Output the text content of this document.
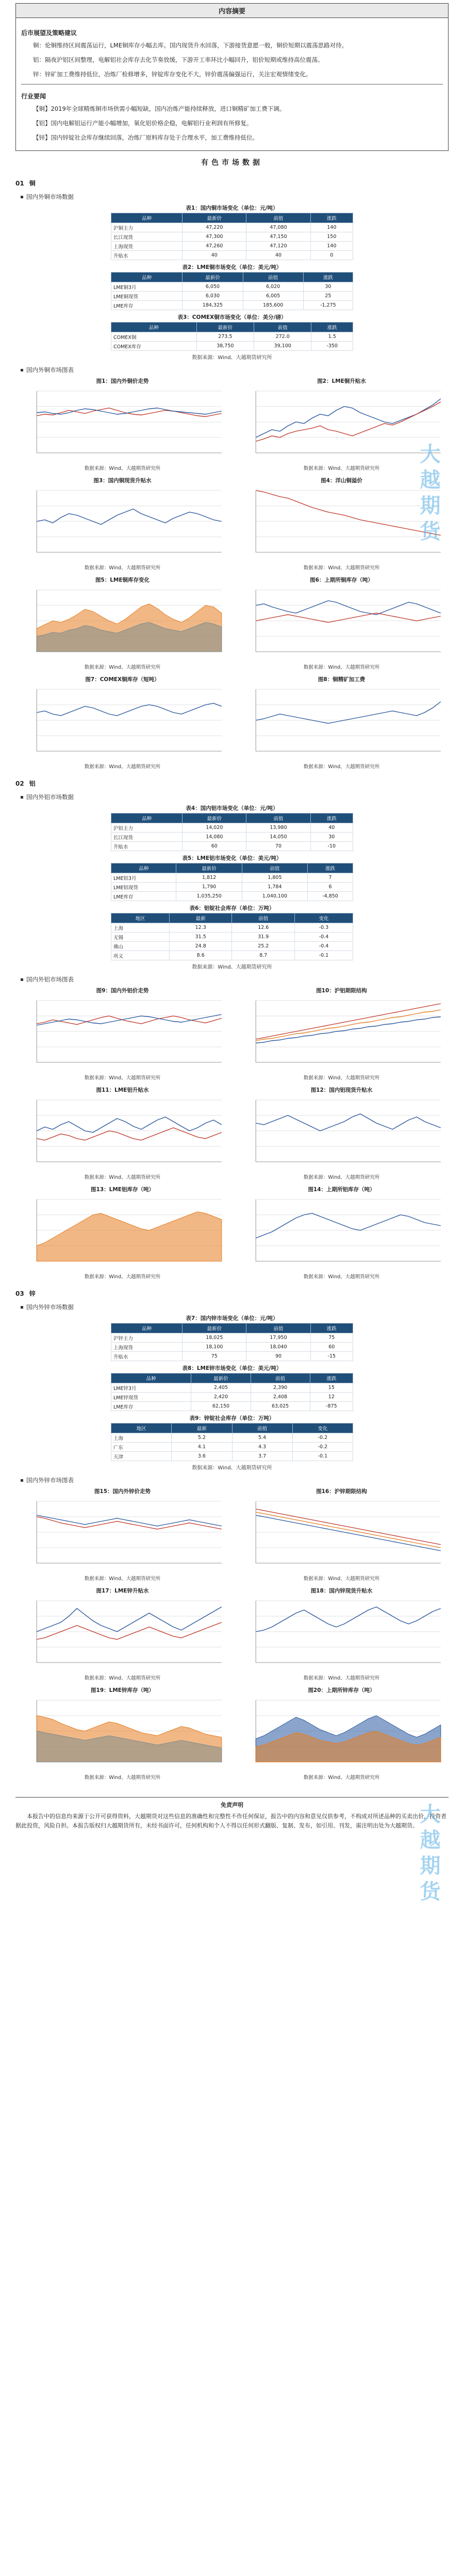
内容摘要
后市展望及策略建议

铜：伦铜维持区间震荡运行，LME铜库存小幅去库。国内现货升水回落，下游接货意愿一般，铜价短期以震荡思路对待。

铝：隔夜沪铝区间整理，电解铝社会库存去化节奏放缓，下游开工率环比小幅回升，铝价短期或维持高位震荡。

锌：锌矿加工费维持低位，冶炼厂检修增多，锌锭库存变化不大，锌价震荡偏强运行，关注宏观情绪变化。

行业要闻

【铜】2019年全球精炼铜市场供需小幅短缺，国内冶炼产能持续释放，进口铜精矿加工费下调。

【铝】国内电解铝运行产能小幅增加，氧化铝价格企稳，电解铝行业利润有所修复。

【锌】国内锌锭社会库存继续回落，冶炼厂原料库存处于合理水平，加工费维持低位。

有色市场数据
01 铜
国内外铜市场数据
表1：国内铜市场变化（单位：元/吨）
品种	最新价	前值	涨跌
沪铜主力	47,220	47,080	140
长江现货	47,300	47,150	150
上海现货	47,260	47,120	140
升贴水	40	40	0
表2：LME铜市场变化（单位：美元/吨）
品种	最新价	前值	涨跌
LME铜3月	6,050	6,020	30
LME铜现货	6,030	6,005	25
LME库存	184,325	185,600	-1,275
表3：COMEX铜市场变化（单位：美分/磅）
品种	最新价	前值	涨跌
COMEX铜	273.5	272.0	1.5
COMEX库存	38,750	39,100	-350
数据来源：Wind、大越期货研究所
国内外铜市场图表
图1：国内外铜价走势
数据来源：Wind、大越期货研究所
图2：LME铜升贴水
数据来源：Wind、大越期货研究所
图3：国内铜现货升贴水
数据来源：Wind、大越期货研究所
图4：洋山铜溢价
数据来源：Wind、大越期货研究所
图5：LME铜库存变化
数据来源：Wind、大越期货研究所
图6：上期所铜库存（吨）
数据来源：Wind、大越期货研究所
图7：COMEX铜库存（短吨）
数据来源：Wind、大越期货研究所
图8：铜精矿加工费
数据来源：Wind、大越期货研究所
02 铝
国内外铝市场数据
表4：国内铝市场变化（单位：元/吨）
品种	最新价	前值	涨跌
沪铝主力	14,020	13,980	40
长江现货	14,080	14,050	30
升贴水	60	70	-10
表5：LME铝市场变化（单位：美元/吨）
品种	最新价	前值	涨跌
LME铝3月	1,812	1,805	7
LME铝现货	1,790	1,784	6
LME库存	1,035,250	1,040,100	-4,850
表6：铝锭社会库存（单位：万吨）
地区	最新	前值	变化
上海	12.3	12.6	-0.3
无锡	31.5	31.9	-0.4
佛山	24.8	25.2	-0.4
巩义	8.6	8.7	-0.1
数据来源：Wind、大越期货研究所
国内外铝市场图表
图9：国内外铝价走势
数据来源：Wind、大越期货研究所
图10：沪铝期限结构
数据来源：Wind、大越期货研究所
图11：LME铝升贴水
数据来源：Wind、大越期货研究所
图12：国内铝现货升贴水
数据来源：Wind、大越期货研究所
图13：LME铝库存（吨）
数据来源：Wind、大越期货研究所
图14：上期所铝库存（吨）
数据来源：Wind、大越期货研究所
03 锌
国内外锌市场数据
表7：国内锌市场变化（单位：元/吨）
品种	最新价	前值	涨跌
沪锌主力	18,025	17,950	75
上海现货	18,100	18,040	60
升贴水	75	90	-15
表8：LME锌市场变化（单位：美元/吨）
品种	最新价	前值	涨跌
LME锌3月	2,405	2,390	15
LME锌现货	2,420	2,408	12
LME库存	62,150	63,025	-875
表9：锌锭社会库存（单位：万吨）
地区	最新	前值	变化
上海	5.2	5.4	-0.2
广东	4.1	4.3	-0.2
天津	3.6	3.7	-0.1
数据来源：Wind、大越期货研究所
国内外锌市场图表
图15：国内外锌价走势
数据来源：Wind、大越期货研究所
图16：沪锌期限结构
数据来源：Wind、大越期货研究所
图17：LME锌升贴水
数据来源：Wind、大越期货研究所
图18：国内锌现货升贴水
数据来源：Wind、大越期货研究所
图19：LME锌库存（吨）
数据来源：Wind、大越期货研究所
图20：上期所锌库存（吨）
数据来源：Wind、大越期货研究所
免责声明

本报告中的信息均来源于公开可获得资料，大越期货对这些信息的准确性和完整性不作任何保证，报告中的内容和意见仅供参考，不构成对所述品种的买卖出价，投资者据此投资，风险自担。本报告版权归大越期货所有，未经书面许可，任何机构和个人不得以任何形式翻版、复制、发布，如引用、刊发，需注明出处为大越期货。

大越期货
大越期货
